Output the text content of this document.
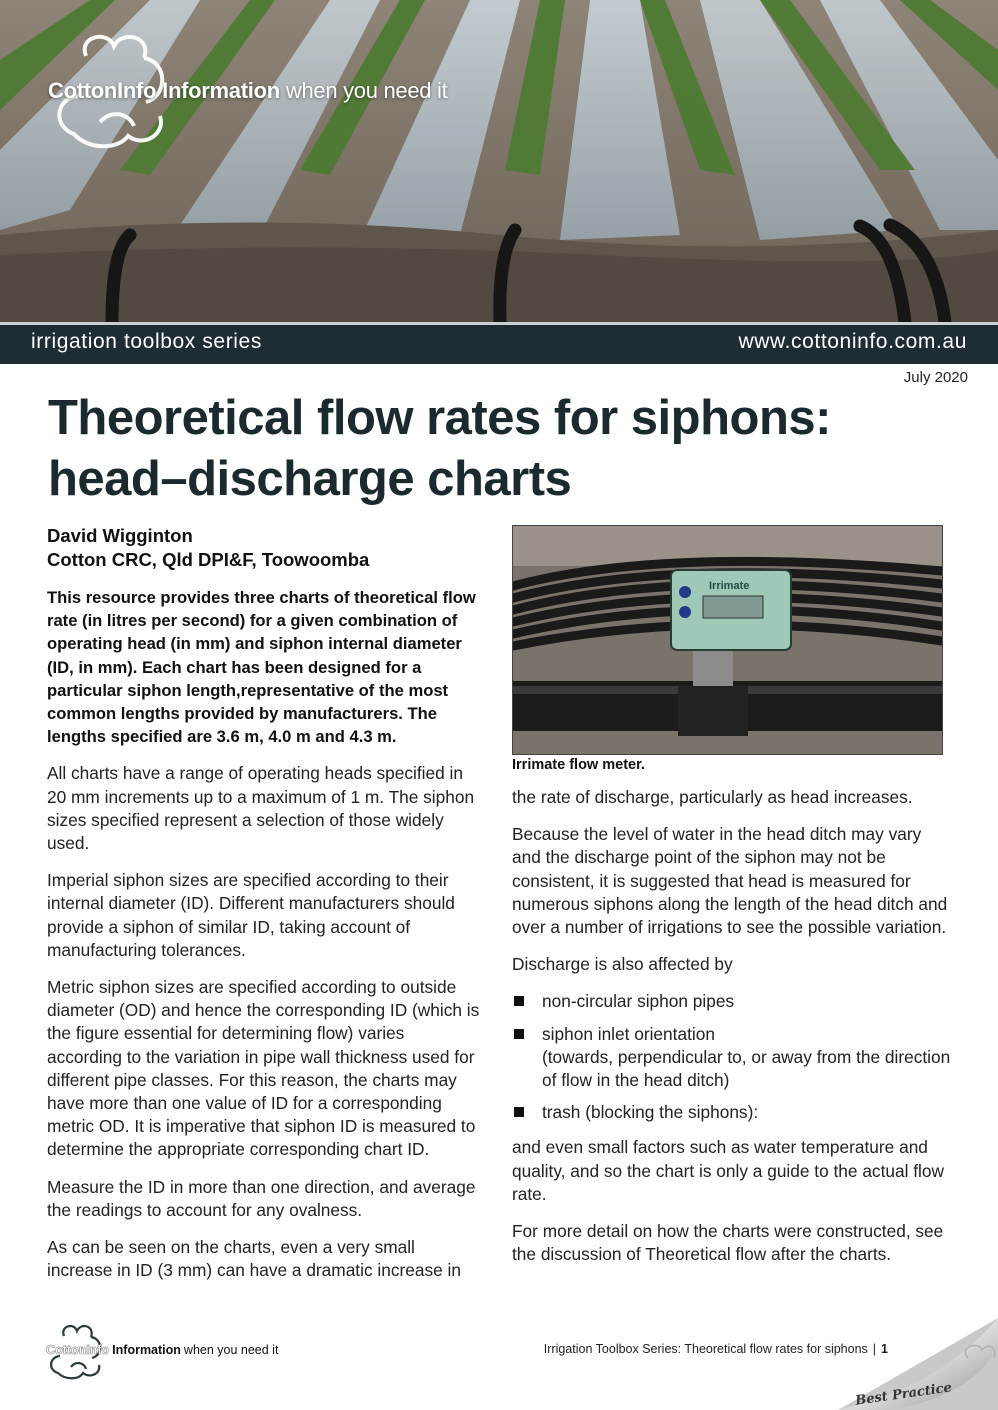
CottonInfo Information when you need it
irrigation toolbox series	www.cottoninfo.com.au
July 2020
Theoretical flow rates for siphons:
head–discharge charts
David Wigginton
Cotton CRC, Qld DPI&F, Toowoomba

This resource provides three charts of theoretical flow rate (in litres per second) for a given combination of operating head (in mm) and siphon internal diameter (ID, in mm). Each chart has been designed for a particular siphon length,representative of the most common lengths provided by manufacturers. The lengths specified are 3.6 m, 4.0 m and 4.3 m.

All charts have a range of operating heads specified in 20 mm increments up to a maximum of 1 m. The siphon sizes specified represent a selection of those widely used.

Imperial siphon sizes are specified according to their internal diameter (ID). Different manufacturers should provide a siphon of similar ID, taking account of manufacturing tolerances.

Metric siphon sizes are specified according to outside diameter (OD) and hence the corresponding ID (which is the figure essential for determining flow) varies according to the variation in pipe wall thickness used for different pipe classes. For this reason, the charts may have more than one value of ID for a corresponding metric OD. It is imperative that siphon ID is measured to determine the appropriate corresponding chart ID.

Measure the ID in more than one direction, and average the readings to account for any ovalness.

As can be seen on the charts, even a very small increase in ID (3 mm) can have a dramatic increase in

Irrimate
Irrimate flow meter.

the rate of discharge, particularly as head increases.

Because the level of water in the head ditch may vary and the discharge point of the siphon may not be consistent, it is suggested that head is measured for numerous siphons along the length of the head ditch and over a number of irrigations to see the possible variation.

Discharge is also affected by

non-circular siphon pipes
siphon inlet orientation
(towards, perpendicular to, or away from the direction of flow in the head ditch)
trash (blocking the siphons):

and even small factors such as water temperature and quality, and so the chart is only a guide to the actual flow rate.

For more detail on how the charts were constructed, see the discussion of Theoretical flow after the charts.

CottonInfo Information when you need it	Irrigation Toolbox Series: Theoretical flow rates for siphons | 1
Best Practice
